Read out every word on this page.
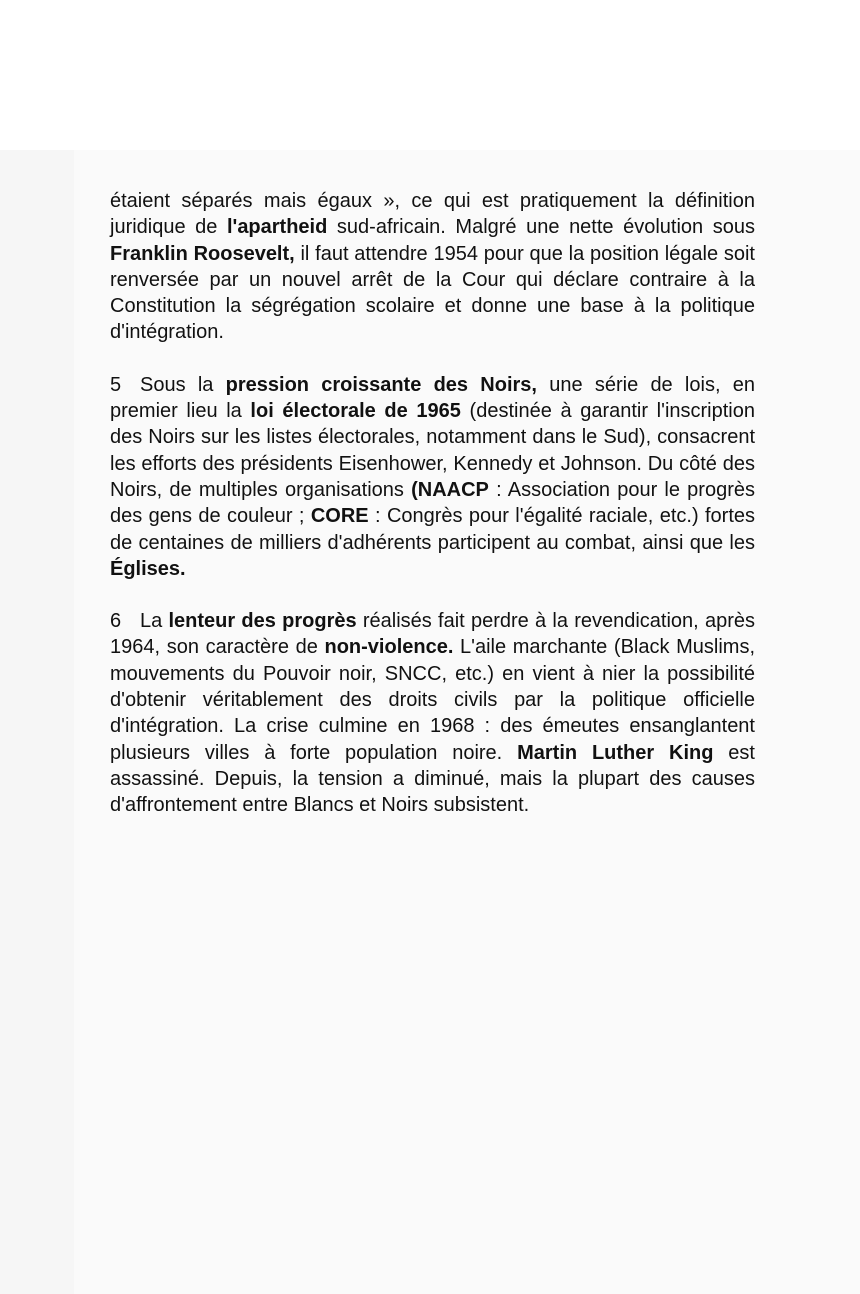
étaient séparés mais égaux », ce qui est pratiquement la définition juridique de l'apartheid sud-africain. Malgré une nette évolution sous Franklin Roosevelt, il faut attendre 1954 pour que la position légale soit renversée par un nouvel arrêt de la Cour qui déclare contraire à la Constitution la ségrégation scolaire et donne une base à la politique d'intégration.

5 Sous la pression croissante des Noirs, une série de lois, en premier lieu la loi électorale de 1965 (destinée à garantir l'inscription des Noirs sur les listes électorales, notamment dans le Sud), consacrent les efforts des présidents Eisenhower, Kennedy et Johnson. Du côté des Noirs, de multiples organisations (NAACP : Association pour le progrès des gens de couleur ; CORE : Congrès pour l'égalité raciale, etc.) fortes de centaines de milliers d'adhérents participent au combat, ainsi que les Églises.

6 La lenteur des progrès réalisés fait perdre à la revendication, après 1964, son caractère de non-violence. L'aile marchante (Black Muslims, mouvements du Pouvoir noir, SNCC, etc.) en vient à nier la possibilité d'obtenir véritablement des droits civils par la politique officielle d'intégration. La crise culmine en 1968 : des émeutes ensanglantent plusieurs villes à forte population noire. Martin Luther King est assassiné. Depuis, la tension a diminué, mais la plupart des causes d'affrontement entre Blancs et Noirs subsistent.
